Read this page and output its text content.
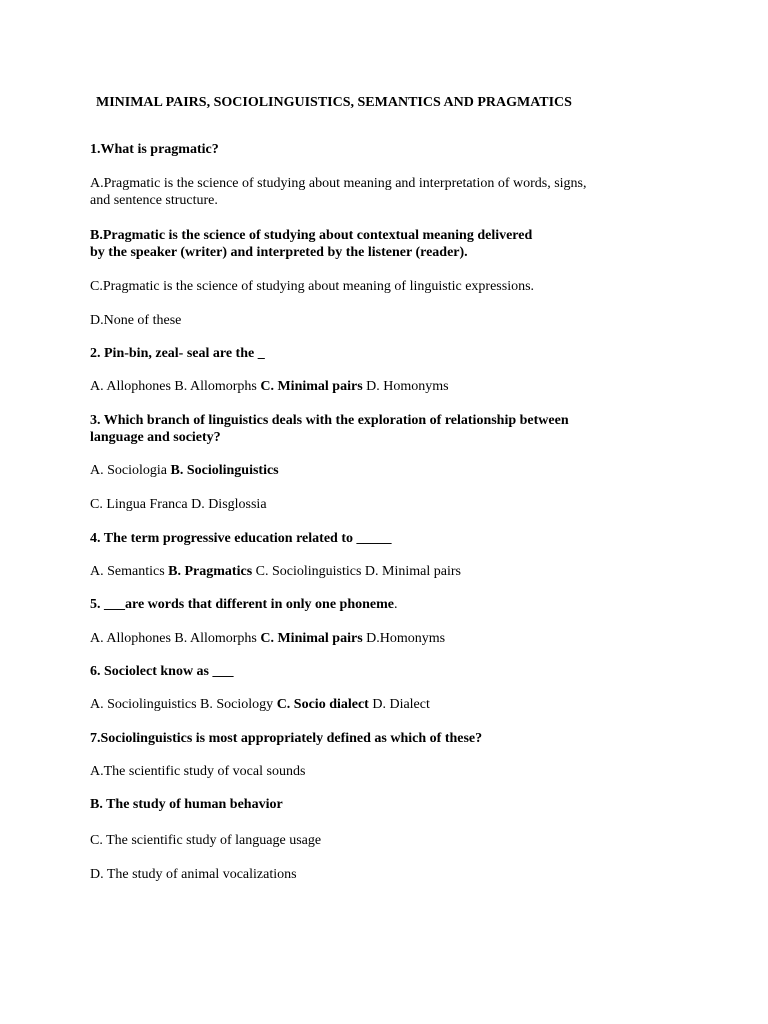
MINIMAL PAIRS, SOCIOLINGUISTICS, SEMANTICS AND PRAGMATICS
1.What is pragmatic?
A.Pragmatic is the science of studying about meaning and interpretation of words, signs,
and sentence structure.
B.Pragmatic is the science of studying about contextual meaning delivered
by the speaker (writer) and interpreted by the listener (reader).
C.Pragmatic is the science of studying about meaning of linguistic expressions.
D.None of these
2. Pin-bin, zeal- seal are the _
A. Allophones B. Allomorphs C. Minimal pairs D. Homonyms
3. Which branch of linguistics deals with the exploration of relationship between
language and society?
A. Sociologia B. Sociolinguistics
C. Lingua Franca D. Disglossia
4. The term progressive education related to _____
A. Semantics B. Pragmatics C. Sociolinguistics D. Minimal pairs
5. ___are words that different in only one phoneme.
A. Allophones B. Allomorphs C. Minimal pairs D.Homonyms
6. Sociolect know as ___
A. Sociolinguistics B. Sociology C. Socio dialect D. Dialect
7.Sociolinguistics is most appropriately defined as which of these?
A.The scientific study of vocal sounds
B. The study of human behavior
C. The scientific study of language usage
D. The study of animal vocalizations
